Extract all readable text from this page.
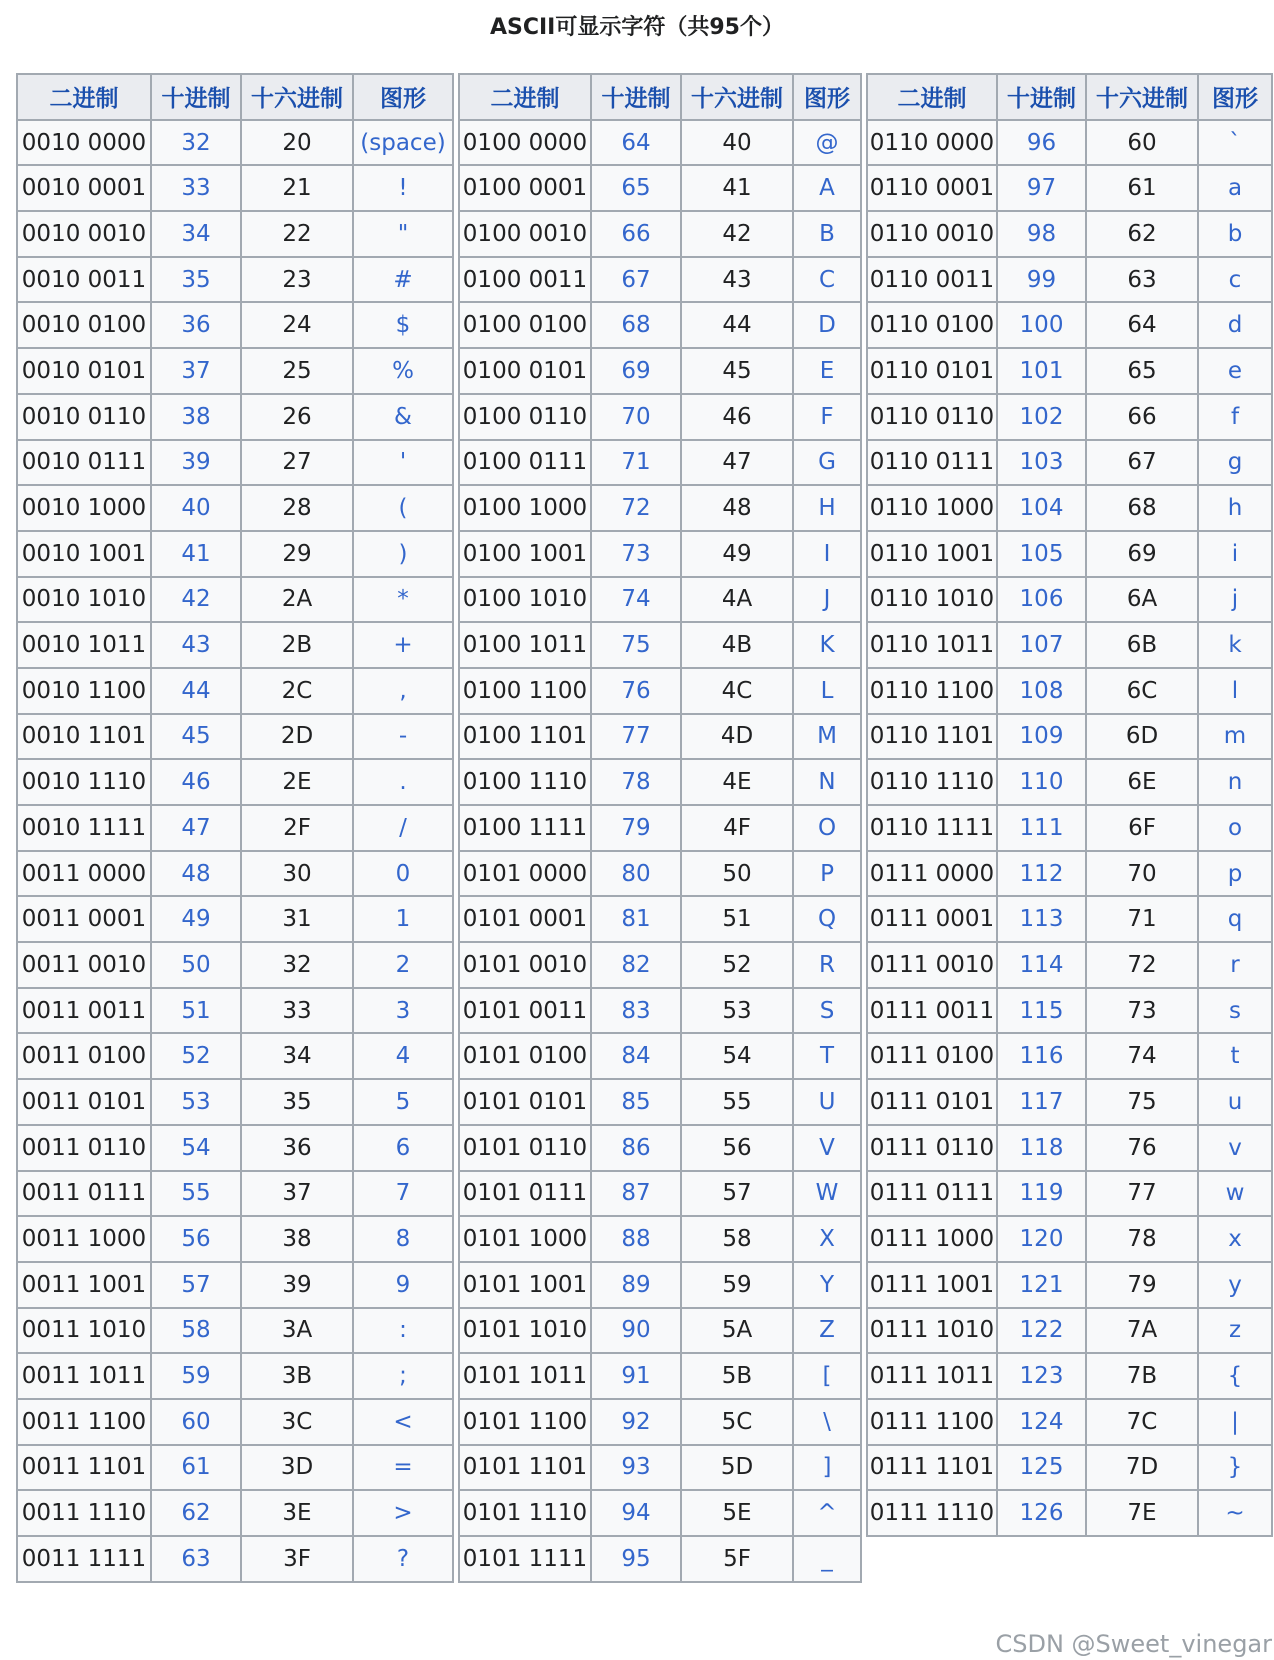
ASCII可显示字符（共95个）
二进制	十进制	十六进制	图形
0010 0000	32	20	(space)
0010 0001	33	21	!
0010 0010	34	22	"
0010 0011	35	23	#
0010 0100	36	24	$
0010 0101	37	25	%
0010 0110	38	26	&
0010 0111	39	27	'
0010 1000	40	28	(
0010 1001	41	29	)
0010 1010	42	2A	*
0010 1011	43	2B	+
0010 1100	44	2C	,
0010 1101	45	2D	-
0010 1110	46	2E	.
0010 1111	47	2F	/
0011 0000	48	30	0
0011 0001	49	31	1
0011 0010	50	32	2
0011 0011	51	33	3
0011 0100	52	34	4
0011 0101	53	35	5
0011 0110	54	36	6
0011 0111	55	37	7
0011 1000	56	38	8
0011 1001	57	39	9
0011 1010	58	3A	:
0011 1011	59	3B	;
0011 1100	60	3C	<
0011 1101	61	3D	=
0011 1110	62	3E	>
0011 1111	63	3F	?
二进制	十进制	十六进制	图形
0100 0000	64	40	@
0100 0001	65	41	A
0100 0010	66	42	B
0100 0011	67	43	C
0100 0100	68	44	D
0100 0101	69	45	E
0100 0110	70	46	F
0100 0111	71	47	G
0100 1000	72	48	H
0100 1001	73	49	I
0100 1010	74	4A	J
0100 1011	75	4B	K
0100 1100	76	4C	L
0100 1101	77	4D	M
0100 1110	78	4E	N
0100 1111	79	4F	O
0101 0000	80	50	P
0101 0001	81	51	Q
0101 0010	82	52	R
0101 0011	83	53	S
0101 0100	84	54	T
0101 0101	85	55	U
0101 0110	86	56	V
0101 0111	87	57	W
0101 1000	88	58	X
0101 1001	89	59	Y
0101 1010	90	5A	Z
0101 1011	91	5B	[
0101 1100	92	5C	\
0101 1101	93	5D	]
0101 1110	94	5E	^
0101 1111	95	5F	_
二进制	十进制	十六进制	图形
0110 0000	96	60	`
0110 0001	97	61	a
0110 0010	98	62	b
0110 0011	99	63	c
0110 0100	100	64	d
0110 0101	101	65	e
0110 0110	102	66	f
0110 0111	103	67	g
0110 1000	104	68	h
0110 1001	105	69	i
0110 1010	106	6A	j
0110 1011	107	6B	k
0110 1100	108	6C	l
0110 1101	109	6D	m
0110 1110	110	6E	n
0110 1111	111	6F	o
0111 0000	112	70	p
0111 0001	113	71	q
0111 0010	114	72	r
0111 0011	115	73	s
0111 0100	116	74	t
0111 0101	117	75	u
0111 0110	118	76	v
0111 0111	119	77	w
0111 1000	120	78	x
0111 1001	121	79	y
0111 1010	122	7A	z
0111 1011	123	7B	{
0111 1100	124	7C	|
0111 1101	125	7D	}
0111 1110	126	7E	~
CSDN @Sweet_vinegar
